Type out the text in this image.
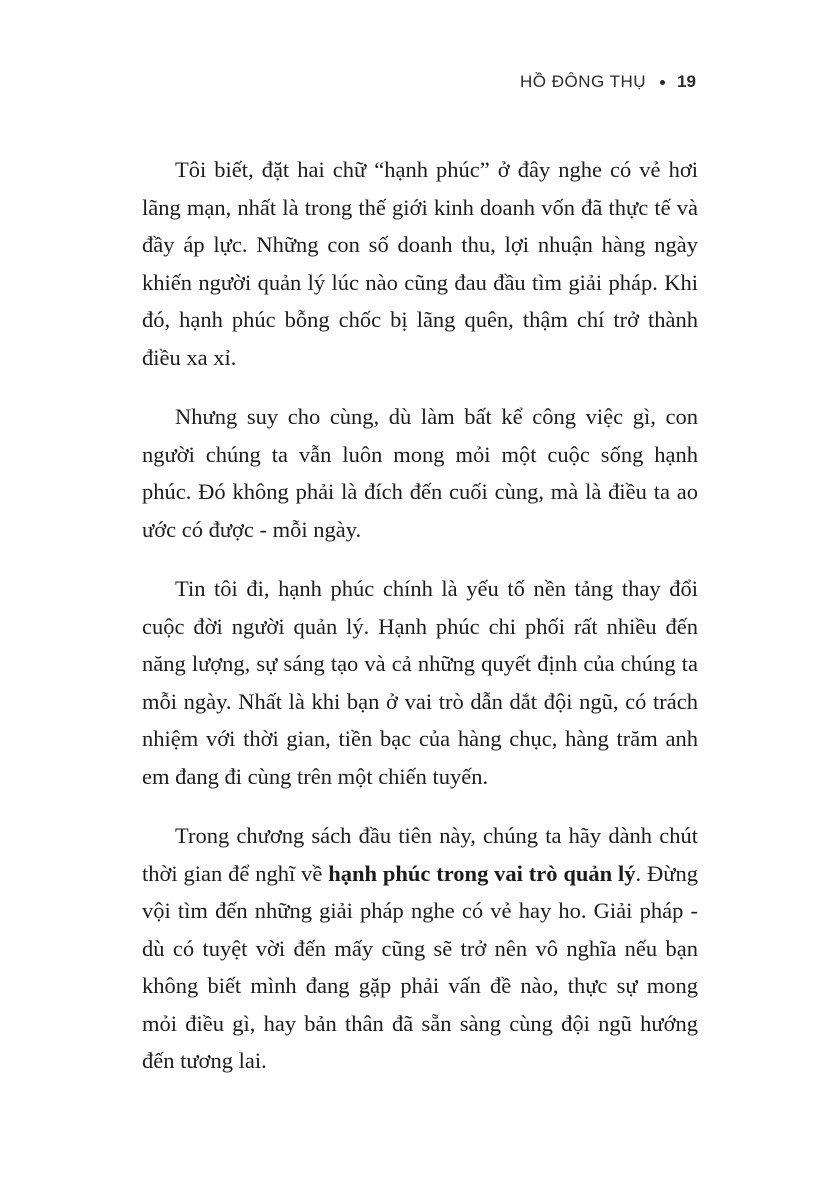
HỒ ĐÔNG THỤ 19

Tôi biết, đặt hai chữ “hạnh phúc” ở đây nghe có vẻ hơi lãng mạn, nhất là trong thế giới kinh doanh vốn đã thực tế và đầy áp lực. Những con số doanh thu, lợi nhuận hàng ngày khiến người quản lý lúc nào cũng đau đầu tìm giải pháp. Khi đó, hạnh phúc bỗng chốc bị lãng quên, thậm chí trở thành điều xa xỉ.

Nhưng suy cho cùng, dù làm bất kể công việc gì, con người chúng ta vẫn luôn mong mỏi một cuộc sống hạnh phúc. Đó không phải là đích đến cuối cùng, mà là điều ta ao ước có được - mỗi ngày.

Tin tôi đi, hạnh phúc chính là yếu tố nền tảng thay đổi cuộc đời người quản lý. Hạnh phúc chi phối rất nhiều đến năng lượng, sự sáng tạo và cả những quyết định của chúng ta mỗi ngày. Nhất là khi bạn ở vai trò dẫn dắt đội ngũ, có trách nhiệm với thời gian, tiền bạc của hàng chục, hàng trăm anh em đang đi cùng trên một chiến tuyến.

Trong chương sách đầu tiên này, chúng ta hãy dành chút thời gian để nghĩ về hạnh phúc trong vai trò quản lý. Đừng vội tìm đến những giải pháp nghe có vẻ hay ho. Giải pháp - dù có tuyệt vời đến mấy cũng sẽ trở nên vô nghĩa nếu bạn không biết mình đang gặp phải vấn đề nào, thực sự mong mỏi điều gì, hay bản thân đã sẵn sàng cùng đội ngũ hướng đến tương lai.
